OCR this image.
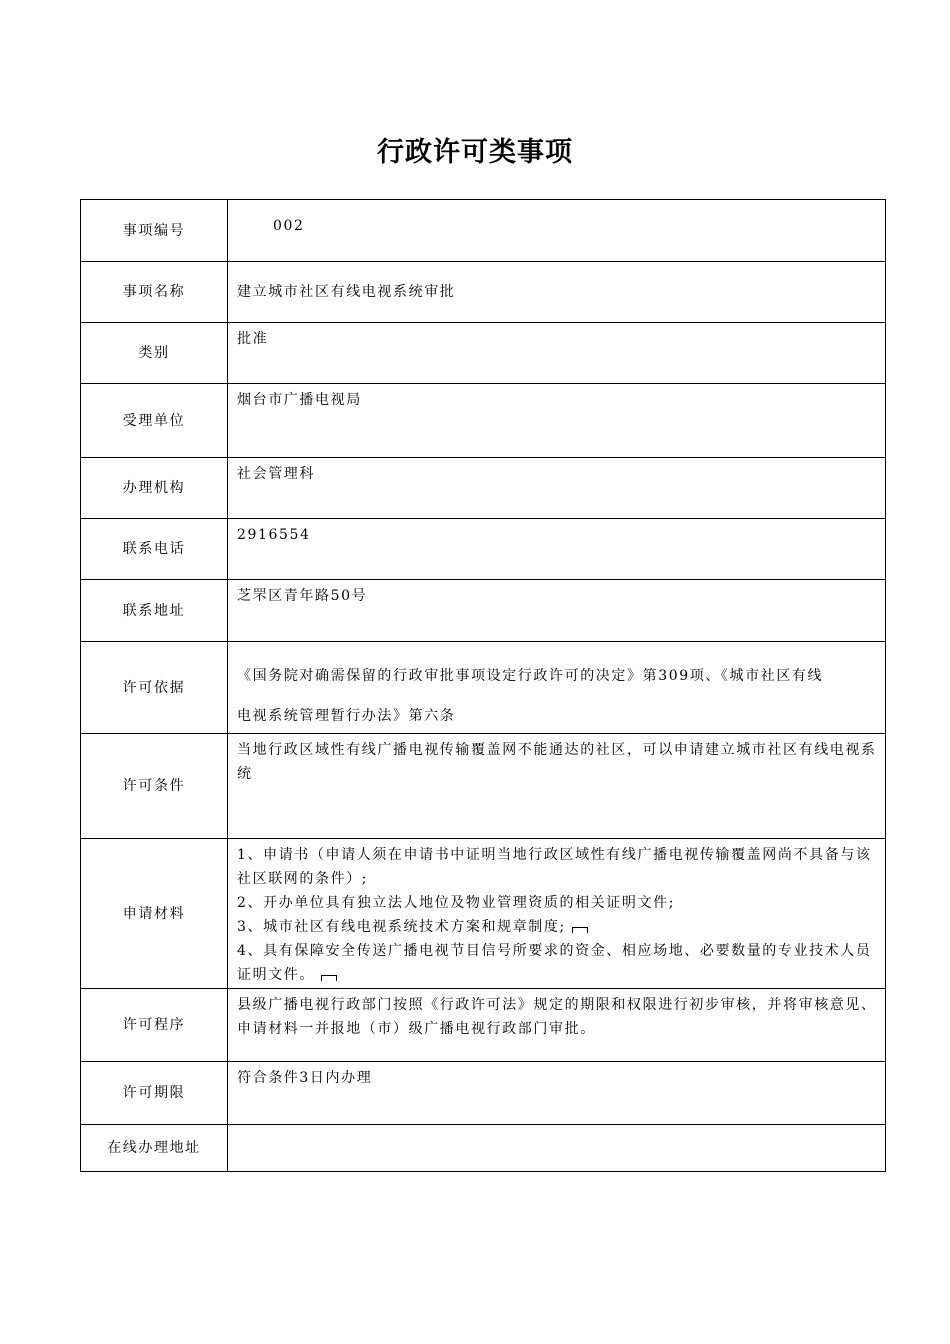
行政许可类事项
事项编号	002

事项名称	建立城市社区有线电视系统审批
类别	批准
受理单位	烟台市广播电视局
办理机构	社会管理科
联系电话	2916554
联系地址	芝罘区青年路50号
许可依据	《国务院对确需保留的行政审批事项设定行政许可的决定》第309项、《城市社区有线
电视系统管理暂行办法》第六条

许可条件	当地行政区域性有线广播电视传输覆盖网不能通达的社区，可以申请建立城市社区有线电视系统
申请材料	1、申请书（申请人须在申请书中证明当地行政区域性有线广播电视传输覆盖网尚不具备与该社区联网的条件）;
2、开办单位具有独立法人地位及物业管理资质的相关证明文件;
3、城市社区有线电视系统技术方案和规章制度;
4、具有保障安全传送广播电视节目信号所要求的资金、相应场地、必要数量的专业技术人员证明文件。

许可程序	县级广播电视行政部门按照《行政许可法》规定的期限和权限进行初步审核，并将审核意见、申请材料一并报地（市）级广播电视行政部门审批。
许可期限	符合条件3日内办理
在线办理地址	
